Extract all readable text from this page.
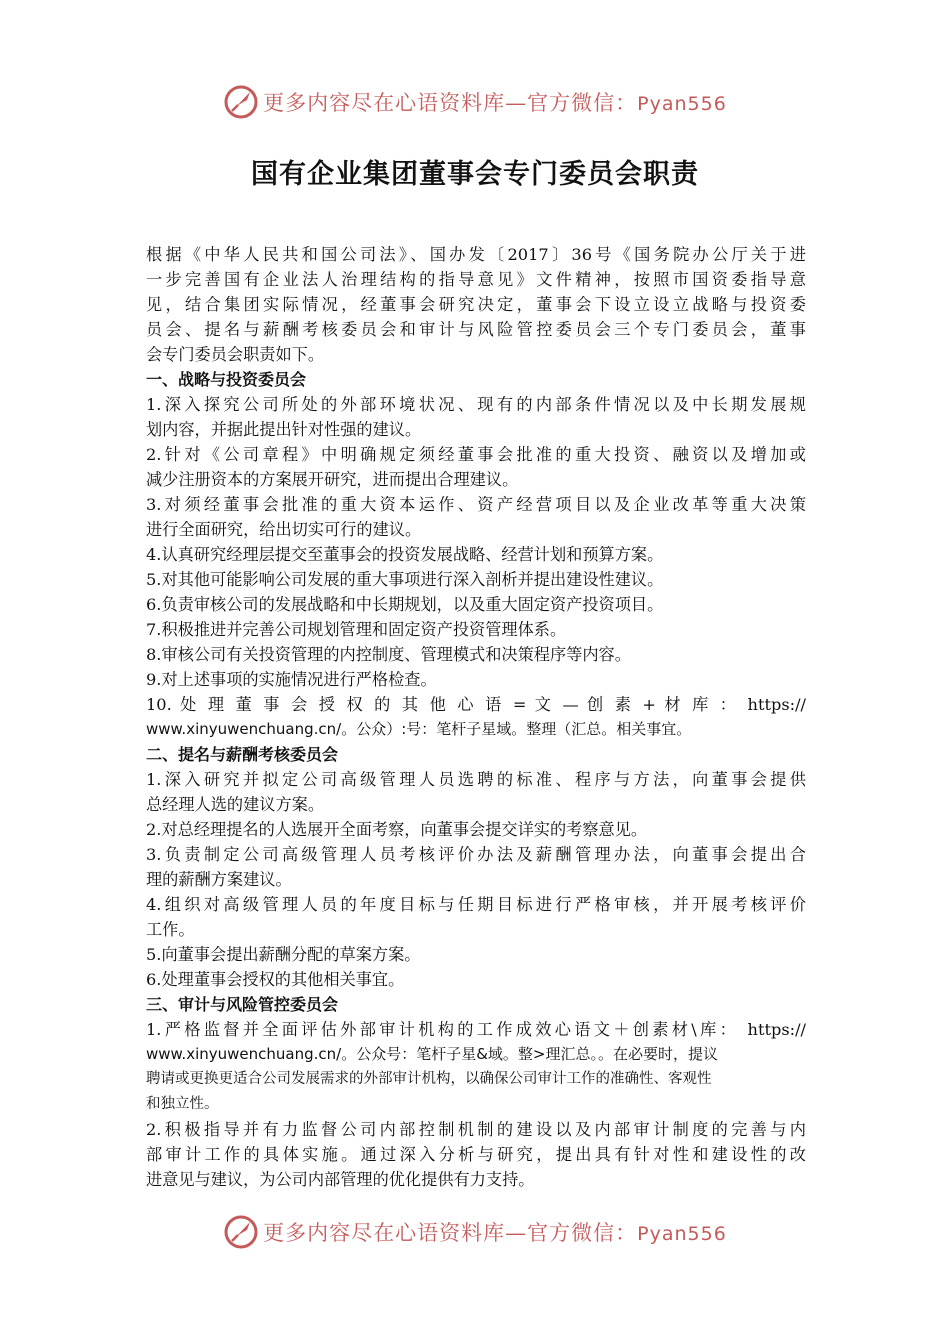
更多内容尽在心语资料库—官方微信：Pyan556
国有企业集团董事会专门委员会职责
根据《中华人民共和国公司法》、国办发〔2017〕36号《国务院办公厅关于进
一步完善国有企业法人治理结构的指导意见》文件精神，按照市国资委指导意
见，结合集团实际情况，经董事会研究决定，董事会下设立设立战略与投资委
员会、提名与薪酬考核委员会和审计与风险管控委员会三个专门委员会，董事
会专门委员会职责如下。
一、战略与投资委员会
1.深入探究公司所处的外部环境状况、现有的内部条件情况以及中长期发展规
划内容，并据此提出针对性强的建议。
2.针对《公司章程》中明确规定须经董事会批准的重大投资、融资以及增加或
减少注册资本的方案展开研究，进而提出合理建议。
3.对须经董事会批准的重大资本运作、资产经营项目以及企业改革等重大决策
进行全面研究，给出切实可行的建议。
4.认真研究经理层提交至董事会的投资发展战略、经营计划和预算方案。
5.对其他可能影响公司发展的重大事项进行深入剖析并提出建设性建议。
6.负责审核公司的发展战略和中长期规划，以及重大固定资产投资项目。
7.积极推进并完善公司规划管理和固定资产投资管理体系。
8.审核公司有关投资管理的内控制度、管理模式和决策程序等内容。
9.对上述事项的实施情况进行严格检查。
10. 处 理 董 事 会 授 权 的 其 他 心 语 = 文 — 创 素 + 材 库 ： https://
www.xinyuwenchuang.cn/。公众）:号：笔杆子星域。整理（汇总。相关事宜。
二、提名与薪酬考核委员会
1.深入研究并拟定公司高级管理人员选聘的标准、程序与方法，向董事会提供
总经理人选的建议方案。
2.对总经理提名的人选展开全面考察，向董事会提交详实的考察意见。
3.负责制定公司高级管理人员考核评价办法及薪酬管理办法，向董事会提出合
理的薪酬方案建议。
4.组织对高级管理人员的年度目标与任期目标进行严格审核，并开展考核评价
工作。
5.向董事会提出薪酬分配的草案方案。
6.处理董事会授权的其他相关事宜。
三、审计与风险管控委员会
1.严格监督并全面评估外部审计机构的工作成效心语文＋创素材\库： https://
www.xinyuwenchuang.cn/。公众号：笔杆子星&域。整>理汇总。。在必要时，提议
聘请或更换更适合公司发展需求的外部审计机构，以确保公司审计工作的准确性、客观性
和独立性。
2.积极指导并有力监督公司内部控制机制的建设以及内部审计制度的完善与内
部审计工作的具体实施。通过深入分析与研究，提出具有针对性和建设性的改
进意见与建议，为公司内部管理的优化提供有力支持。
更多内容尽在心语资料库—官方微信：Pyan556
